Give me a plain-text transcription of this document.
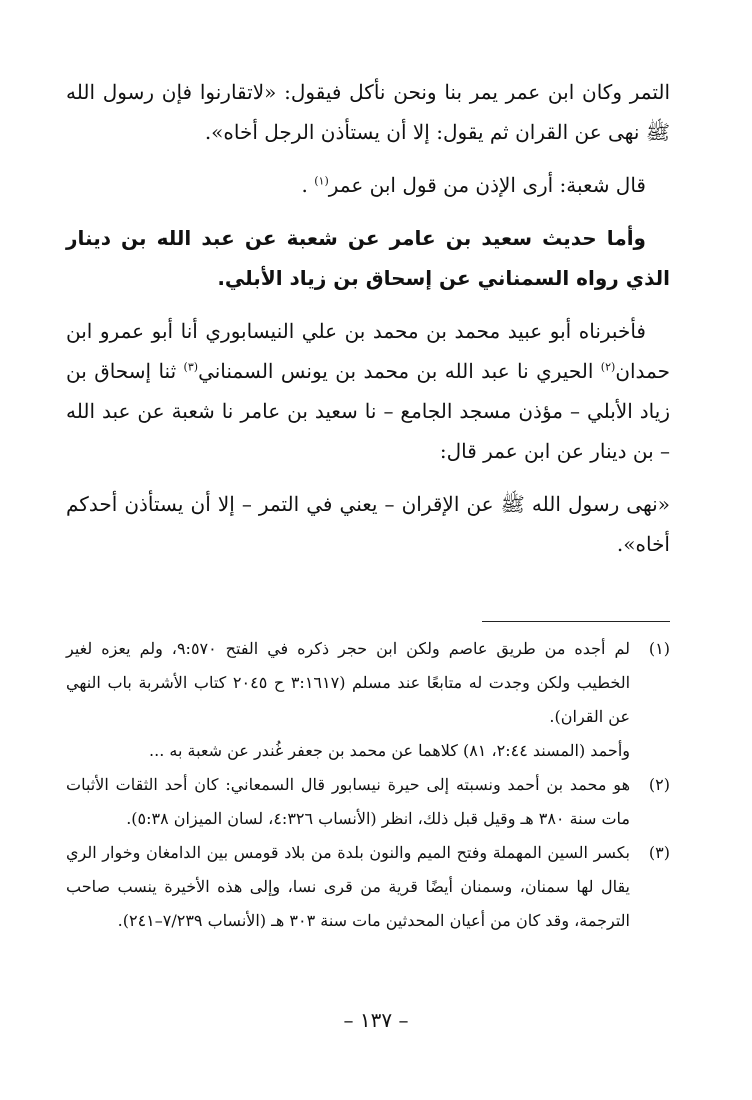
التمر وكان ابن عمر يمر بنا ونحن نأكل فيقول: «لاتقارنوا فإن رسول الله ﷺ نهى عن القران ثم يقول: إلا أن يستأذن الرجل أخاه».

قال شعبة: أرى الإذن من قول ابن عمر$^{(١)}$ .

وأما حديث سعيد بن عامر عن شعبة عن عبد الله بن دينار الذي رواه السمناني عن إسحاق بن زياد الأبلي.

فأخبرناه أبو عبيد محمد بن محمد بن علي النيسابوري أنا أبو عمرو ابن حمدان$^{(٢)}$ الحيري نا عبد الله بن محمد بن يونس السمناني$^{(٣)}$ ثنا إسحاق بن زياد الأبلي – مؤذن مسجد الجامع – نا سعيد بن عامر نا شعبة عن عبد الله – بن دينار عن ابن عمر قال:

«نهى رسول الله ﷺ عن الإقران – يعني في التمر – إلا أن يستأذن أحدكم أخاه».

(١)
لم أجده من طريق عاصم ولكن ابن حجر ذكره في الفتح ٩:٥٧٠، ولم يعزه لغير الخطيب ولكن وجدت له متابعًا عند مسلم (٣:١٦١٧ ح ٢٠٤٥ كتاب الأشربة باب النهي عن القران).
وأحمد (المسند ٢:٤٤، ٨١) كلاهما عن محمد بن جعفر غُندر عن شعبة به ...
(٢)
هو محمد بن أحمد ونسبته إلى حيرة نيسابور قال السمعاني: كان أحد الثقات الأثبات مات سنة ٣٨٠ هـ وقيل قبل ذلك، انظر (الأنساب ٤:٣٢٦، لسان الميزان ٥:٣٨).
(٣)
بكسر السين المهملة وفتح الميم والنون بلدة من بلاد قومس بين الدامغان وخوار الري يقال لها سمنان، وسمنان أيضًا قرية من قرى نسا، وإلى هذه الأخيرة ينسب صاحب الترجمة، وقد كان من أعيان المحدثين مات سنة ٣٠٣ هـ (الأنساب ٧/٢٣٩–٢٤١).
– ١٣٧ –
